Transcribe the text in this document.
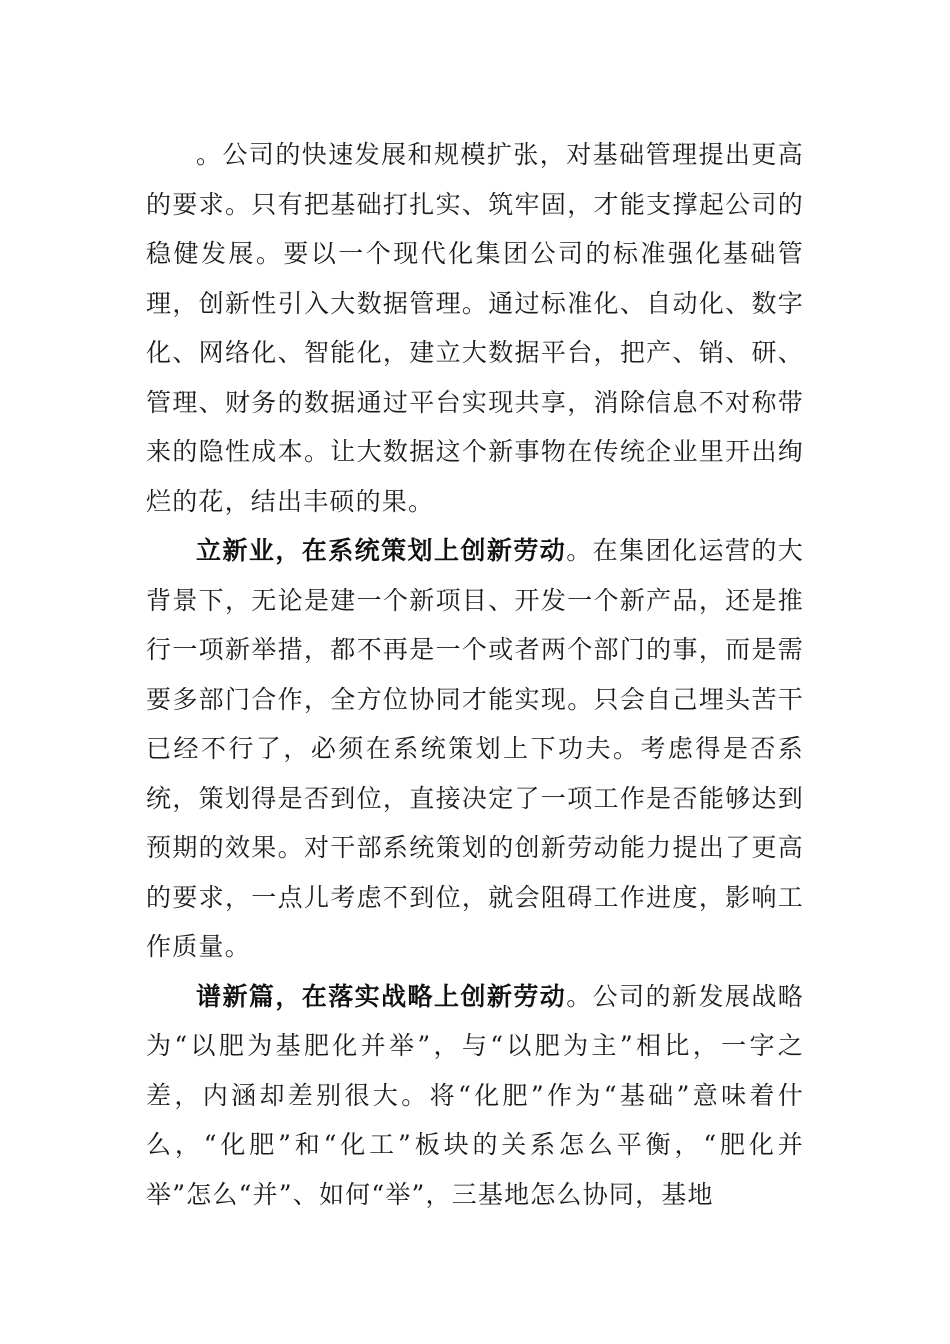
。公司的快速发展和规模扩张，对基础管理提出更高的要求。只有把基础打扎实、筑牢固，才能支撑起公司的稳健发展。要以一个现代化集团公司的标准强化基础管理，创新性引入大数据管理。通过标准化、自动化、数字化、网络化、智能化，建立大数据平台，把产、销、研、管理、财务的数据通过平台实现共享，消除信息不对称带来的隐性成本。让大数据这个新事物在传统企业里开出绚烂的花，结出丰硕的果。

立新业，在系统策划上创新劳动。在集团化运营的大背景下，无论是建一个新项目、开发一个新产品，还是推行一项新举措，都不再是一个或者两个部门的事，而是需要多部门合作，全方位协同才能实现。只会自己埋头苦干已经不行了，必须在系统策划上下功夫。考虑得是否系统，策划得是否到位，直接决定了一项工作是否能够达到预期的效果。对干部系统策划的创新劳动能力提出了更高的要求，一点儿考虑不到位，就会阻碍工作进度，影响工作质量。

谱新篇，在落实战略上创新劳动。公司的新发展战略为“以肥为基肥化并举”，与“以肥为主”相比，一字之差，内涵却差别很大。将“化肥”作为“基础”意味着什么，“化肥”和“化工”板块的关系怎么平衡，“肥化并举”怎么“并”、如何“举”，三基地怎么协同，基地
